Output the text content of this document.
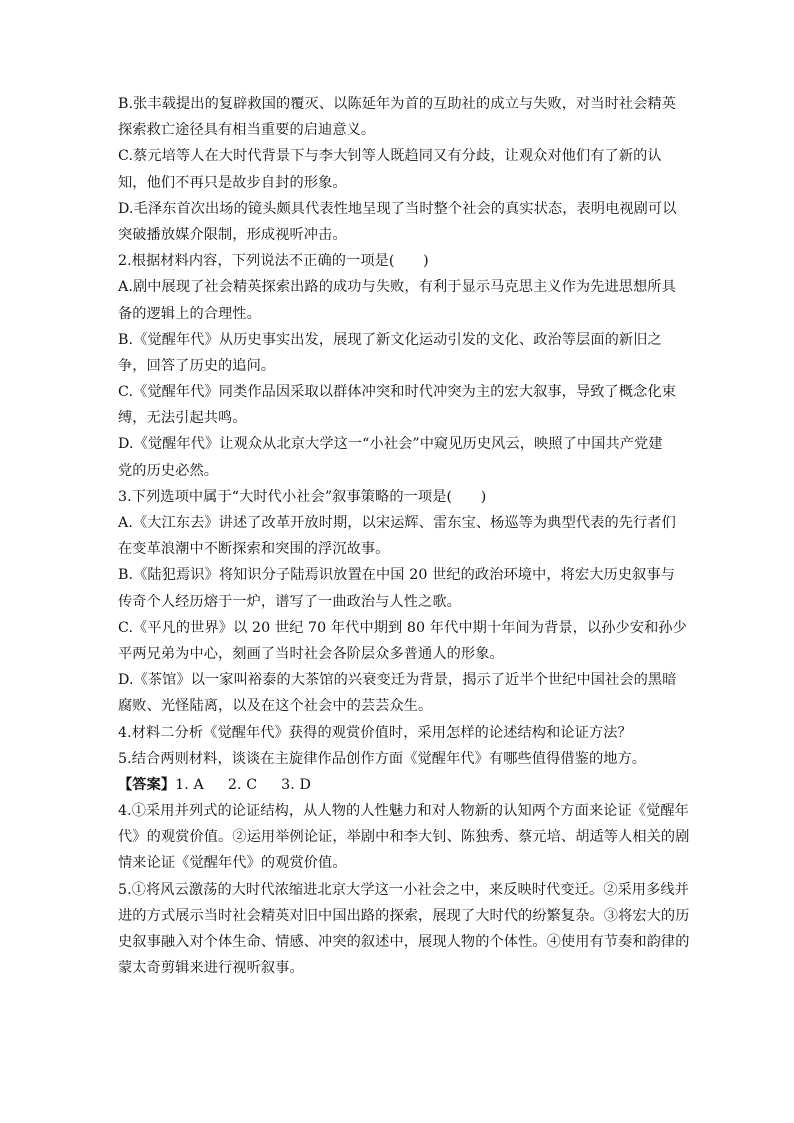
B.张丰载提出的复辟救国的覆灭、以陈延年为首的互助社的成立与失败，对当时社会精英
探索救亡途径具有相当重要的启迪意义。
C.蔡元培等人在大时代背景下与李大钊等人既趋同又有分歧，让观众对他们有了新的认
知，他们不再只是故步自封的形象。
D.毛泽东首次出场的镜头颇具代表性地呈现了当时整个社会的真实状态，表明电视剧可以
突破播放媒介限制，形成视听冲击。
2.根据材料内容，下列说法不正确的一项是(　　)
A.剧中展现了社会精英探索出路的成功与失败，有利于显示马克思主义作为先进思想所具
备的逻辑上的合理性。
B.《觉醒年代》从历史事实出发，展现了新文化运动引发的文化、政治等层面的新旧之
争，回答了历史的追问。
C.《觉醒年代》同类作品因采取以群体冲突和时代冲突为主的宏大叙事，导致了概念化束
缚，无法引起共鸣。
D.《觉醒年代》让观众从北京大学这一“小社会”中窥见历史风云，映照了中国共产党建
党的历史必然。
3.下列选项中属于“大时代小社会”叙事策略的一项是(　　)
A.《大江东去》讲述了改革开放时期，以宋运辉、雷东宝、杨巡等为典型代表的先行者们
在变革浪潮中不断探索和突围的浮沉故事。
B.《陆犯焉识》将知识分子陆焉识放置在中国 20 世纪的政治环境中，将宏大历史叙事与
传奇个人经历熔于一炉，谱写了一曲政治与人性之歌。
C.《平凡的世界》以 20 世纪 70 年代中期到 80 年代中期十年间为背景，以孙少安和孙少
平两兄弟为中心，刻画了当时社会各阶层众多普通人的形象。
D.《茶馆》以一家叫裕泰的大茶馆的兴衰变迁为背景，揭示了近半个世纪中国社会的黑暗
腐败、光怪陆离，以及在这个社会中的芸芸众生。
4.材料二分析《觉醒年代》获得的观赏价值时，采用怎样的论述结构和论证方法？
5.结合两则材料，谈谈在主旋律作品创作方面《觉醒年代》有哪些值得借鉴的地方。
【答案】1. A 2. C 3. D
4.①采用并列式的论证结构，从人物的人性魅力和对人物新的认知两个方面来论证《觉醒年
代》的观赏价值。②运用举例论证，举剧中和李大钊、陈独秀、蔡元培、胡适等人相关的剧
情来论证《觉醒年代》的观赏价值。
5.①将风云激荡的大时代浓缩进北京大学这一小社会之中，来反映时代变迁。②采用多线并
进的方式展示当时社会精英对旧中国出路的探索，展现了大时代的纷繁复杂。③将宏大的历
史叙事融入对个体生命、情感、冲突的叙述中，展现人物的个体性。④使用有节奏和韵律的
蒙太奇剪辑来进行视听叙事。
